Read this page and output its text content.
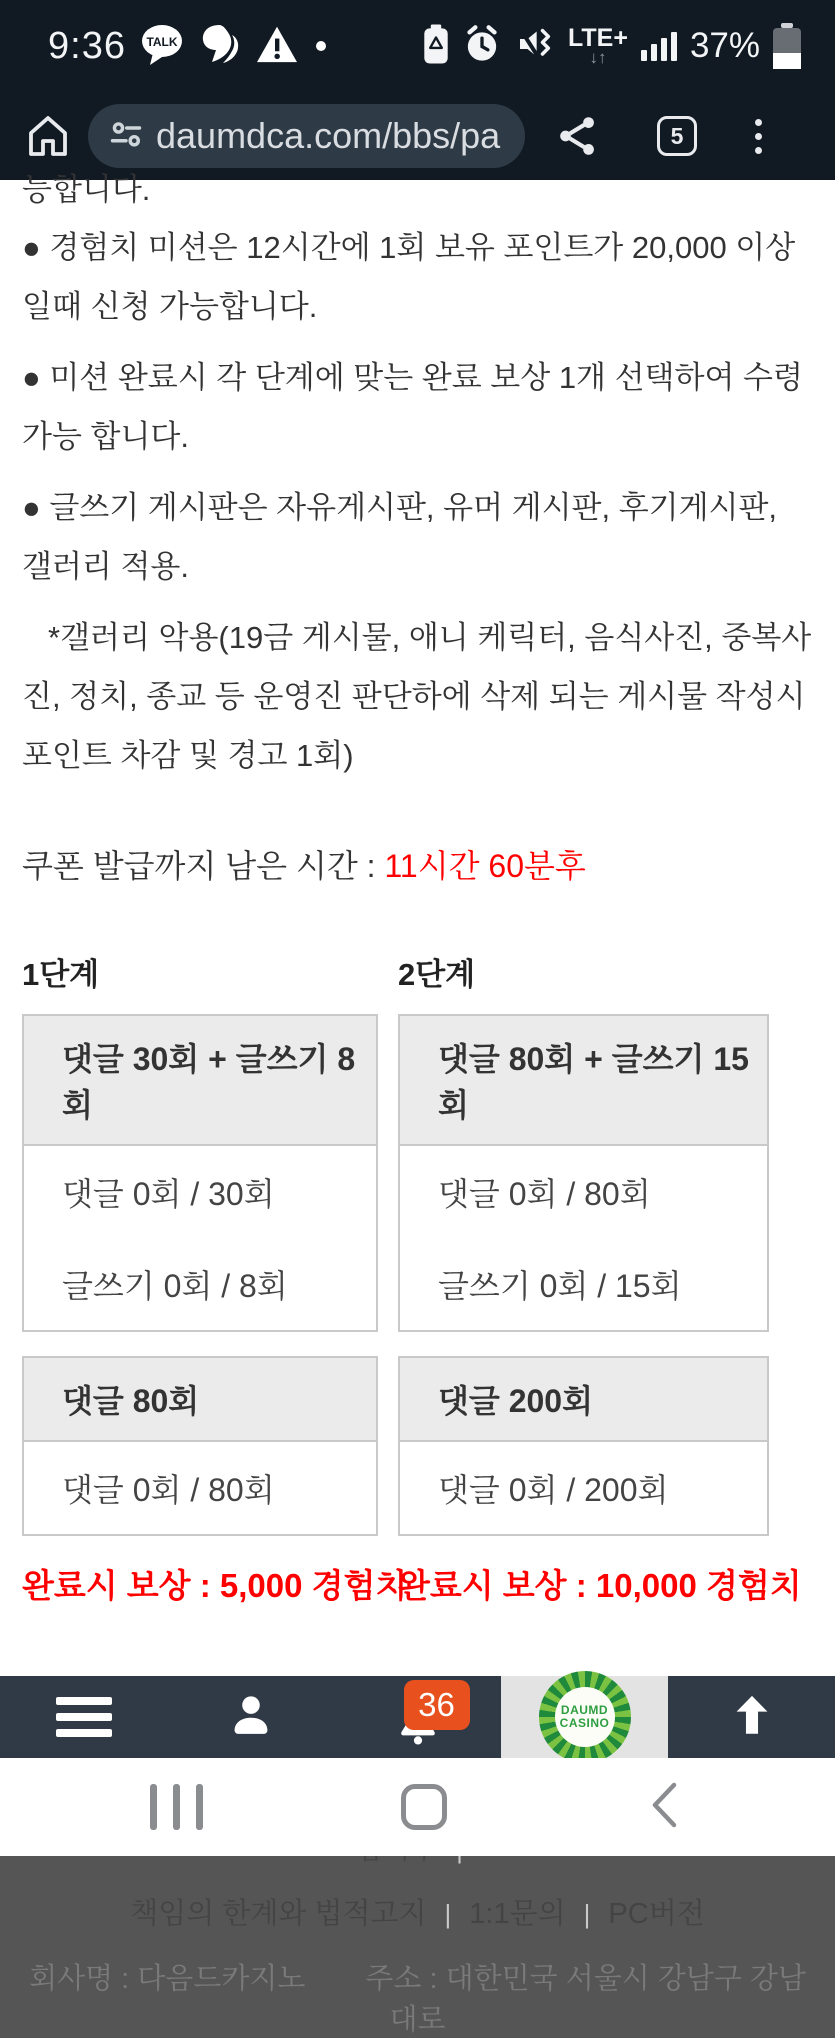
9:36 TALK	LTE+
↓↑ 37%
daumdca.com/bbs/pa	5
능합니다.

● 경험치 미션은 12시간에 1회 보유 포인트가 20,000 이상일때 신청 가능합니다.

● 미션 완료시 각 단계에 맞는 완료 보상 1개 선택하여 수령 가능 합니다.

● 글쓰기 게시판은 자유게시판, 유머 게시판, 후기게시판, 갤러리 적용.

*갤러리 악용(19금 게시물, 애니 케릭터, 음식사진, 중복사진, 정치, 종교 등 운영진 판단하에 삭제 되는 게시물 작성시 포인트 차감 및 경고 1회)

쿠폰 발급까지 남은 시간 : 11시간 60분후

1단계
댓글 30회 + 글쓰기 8회
댓글 0회 / 30회
글쓰기 0회 / 8회
댓글 80회
댓글 0회 / 80회
완료시 보상 : 5,000 경험치
2단계
댓글 80회 + 글쓰기 15회
댓글 0회 / 80회
글쓰기 0회 / 15회
댓글 200회
댓글 0회 / 200회
완료시 보상 : 10,000 경험치
책임의 한계와 법적고지 | 1:1문의 | PC버전
회사명 : 다음드카지노 주소 : 대한민국 서울시 강남구 강남대로
36	DAUMD
CASINO
